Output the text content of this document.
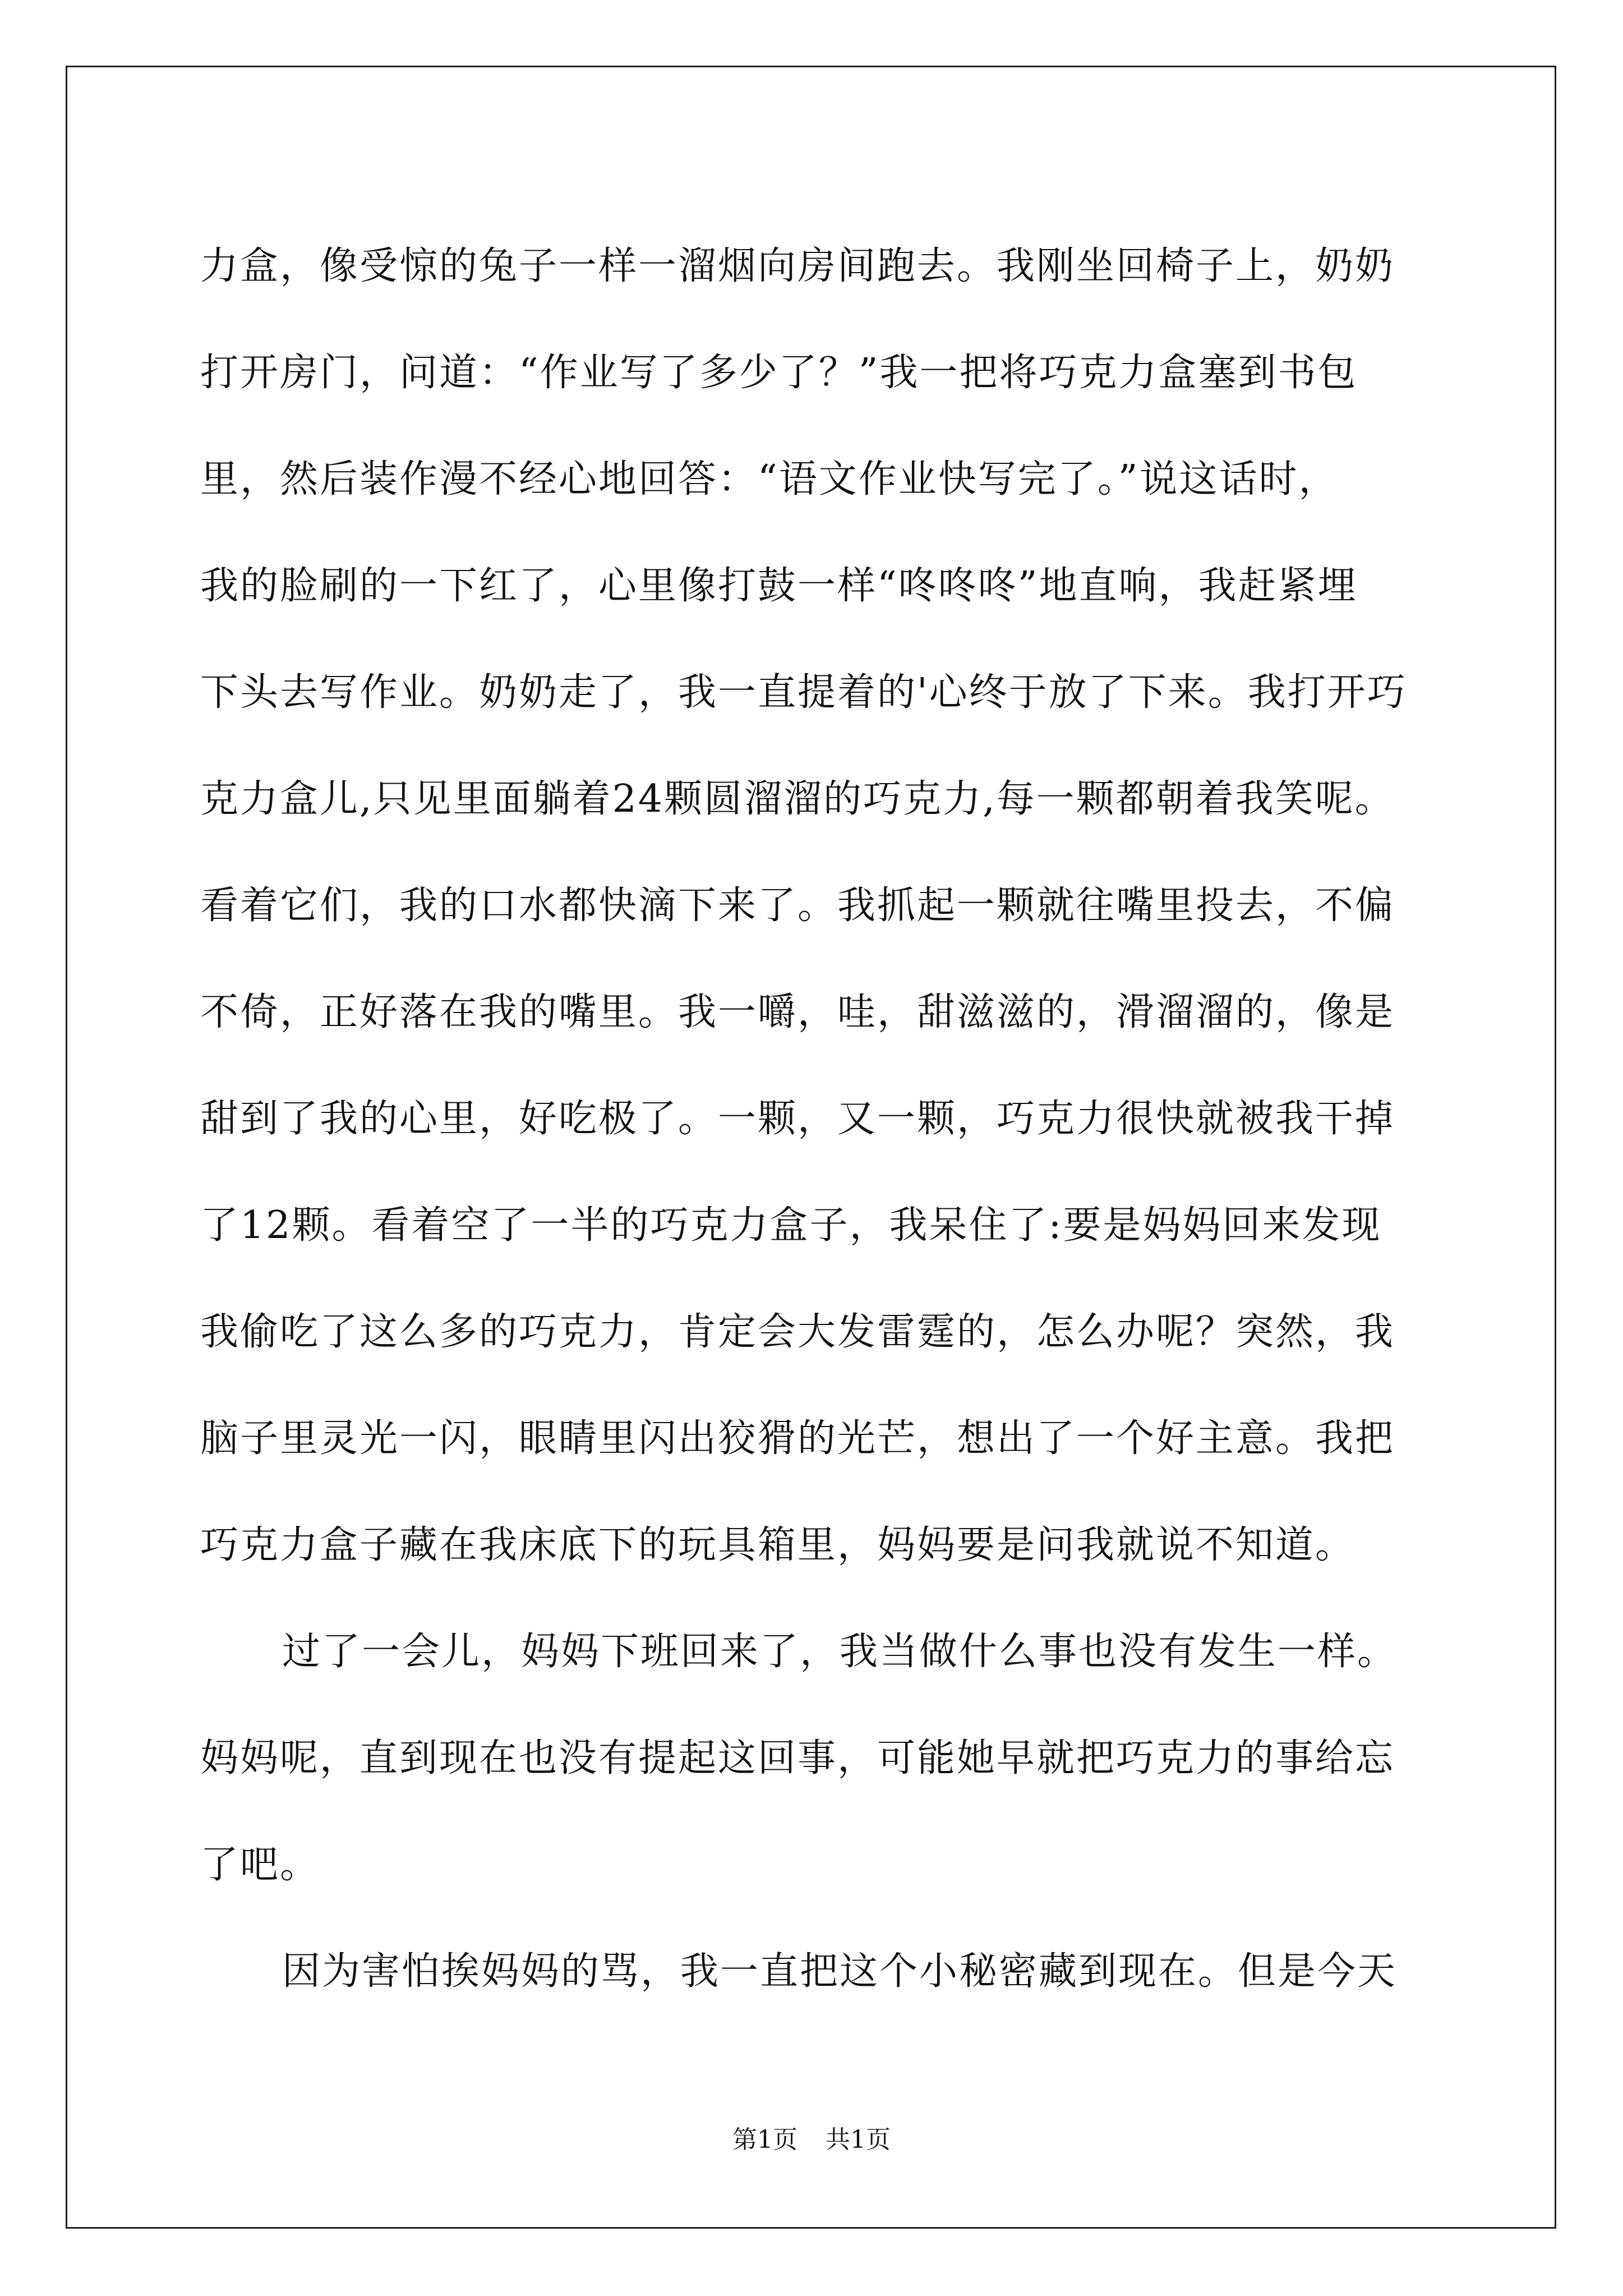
力盒，像受惊的兔子一样一溜烟向房间跑去。我刚坐回椅子上，奶奶
打开房门，问道：“作业写了多少了？”我一把将巧克力盒塞到书包
里，然后装作漫不经心地回答：“语文作业快写完了。”说这话时，
我的脸刷的一下红了，心里像打鼓一样“咚咚咚”地直响，我赶紧埋
下头去写作业。奶奶走了，我一直提着的'心终于放了下来。我打开巧
克力盒儿,只见里面躺着24颗圆溜溜的巧克力,每一颗都朝着我笑呢。
看着它们，我的口水都快滴下来了。我抓起一颗就往嘴里投去，不偏
不倚，正好落在我的嘴里。我一嚼，哇，甜滋滋的，滑溜溜的，像是
甜到了我的心里，好吃极了。一颗，又一颗，巧克力很快就被我干掉
了12颗。看着空了一半的巧克力盒子，我呆住了:要是妈妈回来发现
我偷吃了这么多的巧克力，肯定会大发雷霆的，怎么办呢？突然，我
脑子里灵光一闪，眼睛里闪出狡猾的光芒，想出了一个好主意。我把
巧克力盒子藏在我床底下的玩具箱里，妈妈要是问我就说不知道。
过了一会儿，妈妈下班回来了，我当做什么事也没有发生一样。
妈妈呢，直到现在也没有提起这回事，可能她早就把巧克力的事给忘
了吧。
因为害怕挨妈妈的骂，我一直把这个小秘密藏到现在。但是今天
第1页 共1页
